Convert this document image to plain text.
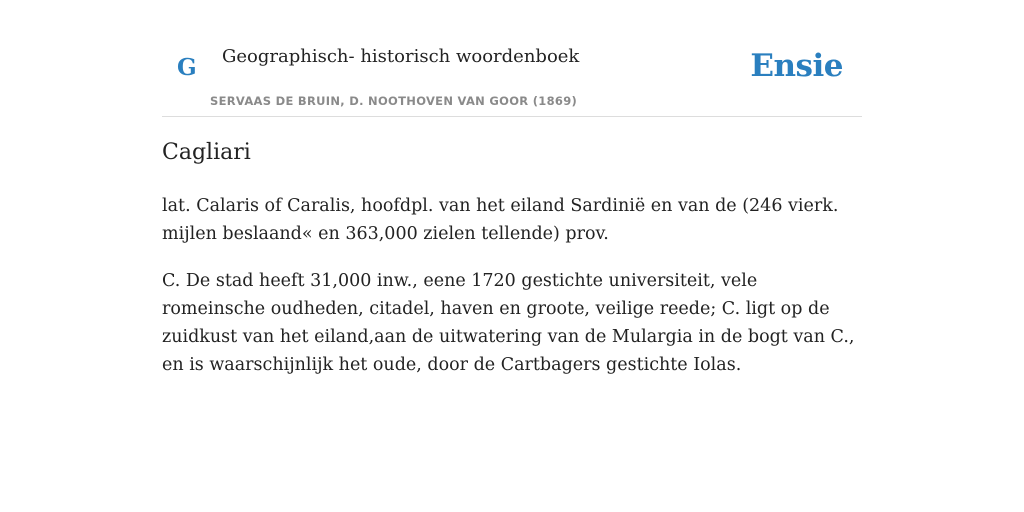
G Geographisch- historisch woordenboek
SERVAAS DE BRUIN, D. NOOTHOVEN VAN GOOR (1869)
Ensie
Cagliari

lat. Calaris of Caralis, hoofdpl. van het eiland Sardinië en van de (246 vierk. mijlen beslaand« en 363,000 zielen tellende) prov.

C. De stad heeft 31,000 inw., eene 1720 gestichte universiteit, vele romeinsche oudheden, citadel, haven en groote, veilige reede; C. ligt op de zuidkust van het eiland,aan de uitwatering van de Mulargia in de bogt van C., en is waarschijnlijk het oude, door de Cartbagers gestichte Iolas.
